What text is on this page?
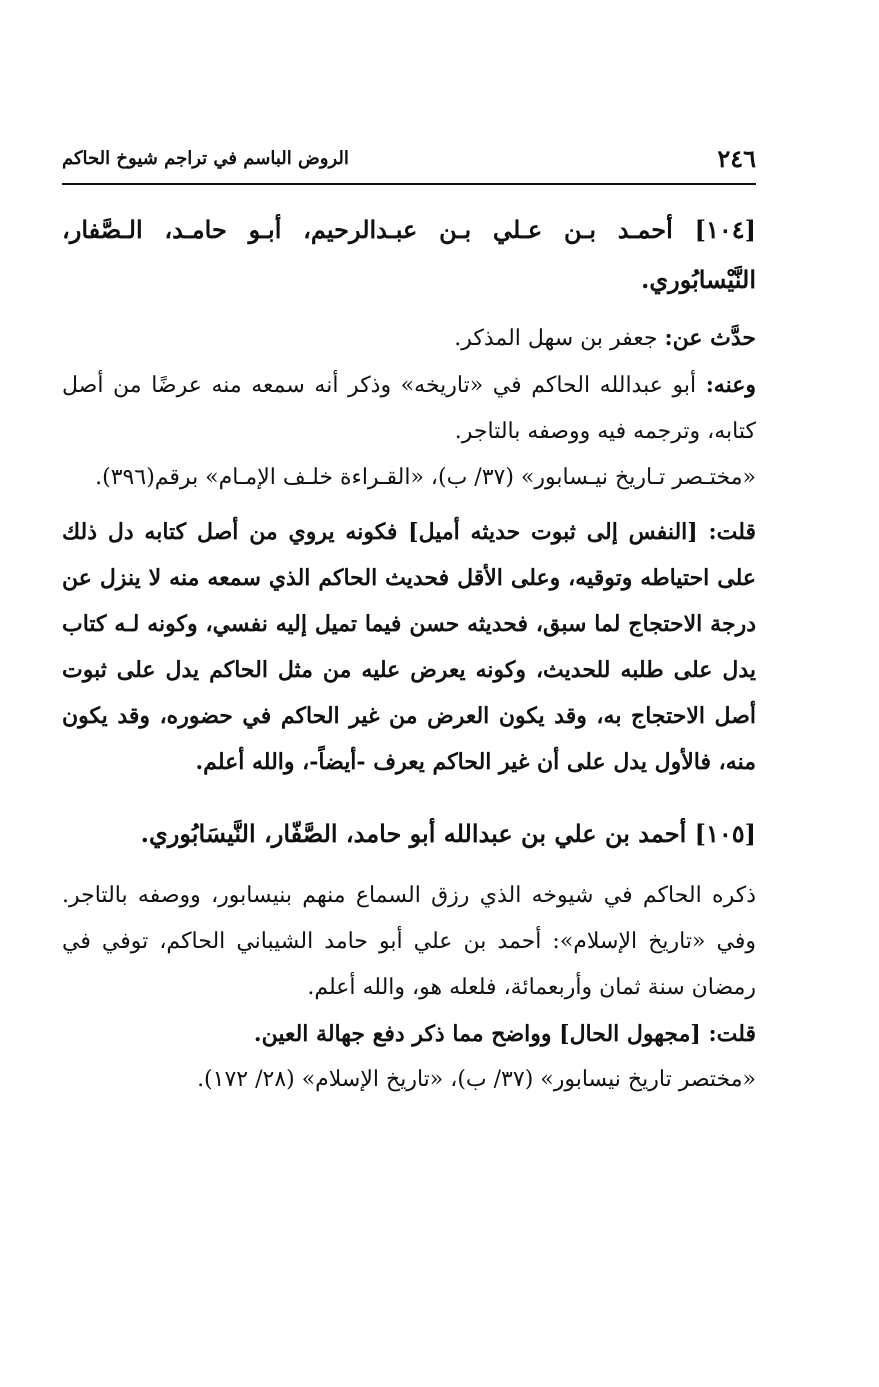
٢٤٦
الروض الباسم في تراجم شيوخ الحاكم

[١٠٤] أحمـد بـن عـلي بـن عبـدالرحيم، أبـو حامـد، الـصَّفار، النَّيْسابُوري.

حدَّث عن: جعفر بن سهل المذكر.

وعنه: أبو عبدالله الحاكم في «تاريخه» وذكر أنه سمعه منه عرضًا من أصل كتابه، وترجمه فيه ووصفه بالتاجر.

«مختـصر تـاريخ نيـسابور» (٣٧/ ب)، «القـراءة خلـف الإمـام» برقم(٣٩٦).

قلت: [النفس إلى ثبوت حديثه أميل] فكونه يروي من أصل كتابه دل ذلك على احتياطه وتوقيه، وعلى الأقل فحديث الحاكم الذي سمعه منه لا ينزل عن درجة الاحتجاج لما سبق، فحديثه حسن فيما تميل إليه نفسي، وكونه لـه كتاب يدل على طلبه للحديث، وكونه يعرض عليه من مثل الحاكم يدل على ثبوت أصل الاحتجاج به، وقد يكون العرض من غير الحاكم في حضوره، وقد يكون منه، فالأول يدل على أن غير الحاكم يعرف -أيضاً-، والله أعلم.

[١٠٥] أحمد بن علي بن عبدالله أبو حامد، الصَّفّار، النَّيسَابُوري.

ذكره الحاكم في شيوخه الذي رزق السماع منهم بنيسابور، ووصفه بالتاجر. وفي «تاريخ الإسلام»: أحمد بن علي أبو حامد الشيباني الحاكم، توفي في رمضان سنة ثمان وأربعمائة، فلعله هو، والله أعلم.

قلت: [مجهول الحال] وواضح مما ذكر دفع جهالة العين.

«مختصر تاريخ نيسابور» (٣٧/ ب)، «تاريخ الإسلام» (٢٨/ ١٧٢).
